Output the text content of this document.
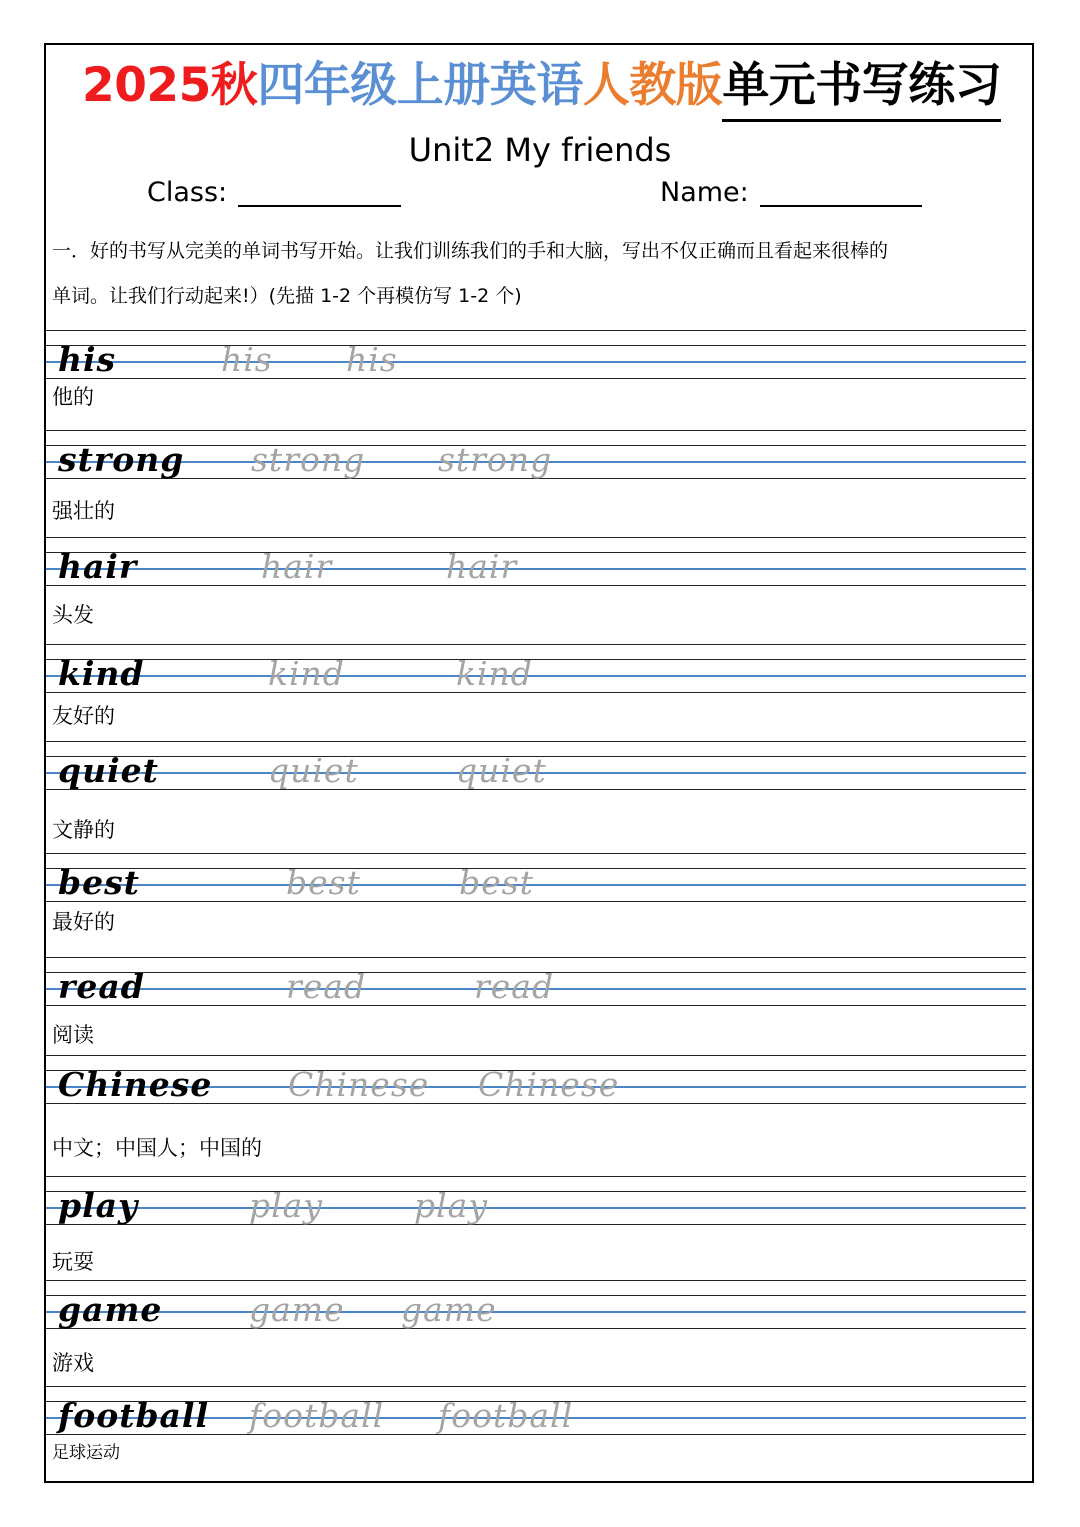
2025秋四年级上册英语人教版单元书写练习
Unit2 My friends
Class:	Name:
一．好的书写从完美的单词书写开始。让我们训练我们的手和大脑，写出不仅正确而且看起来很棒的
单词。让我们行动起来!）(先描 1-2 个再模仿写 1-2 个)
his	his his
他的
strong strong strong
强壮的
hair	hair	hair
头发
kind	kind	kind
友好的
quiet	quiet	quiet
文静的
best	best	best
最好的
read	read	read
阅读
Chinese Chinese Chinese
中文；中国人；中国的
play	play	play
玩耍
game	game game
游戏
football football football
足球运动
